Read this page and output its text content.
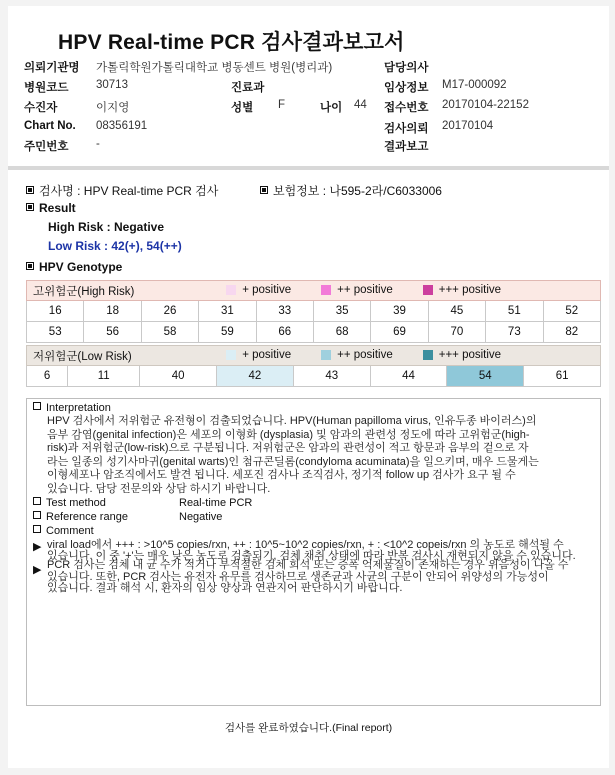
HPV Real-time PCR 검사결과보고서
의뢰기관명 가톨릭학원가톨릭대학교 병동센트 병원(병리과)	담당의사
병원코드 30713	진료과	임상정보 M17-000092
수진자	이지영	성별 F	나이 44 접수번호 20170104-22152
Chart No. 08356191	검사의뢰 20170104
주민번호 -	결과보고
검사명 : HPV Real-time PCR 검사	보험정보 : 나595-2라/C6033006
Result
High Risk : Negative
Low Risk : 42(+), 54(++)
HPV Genotype
고위험군(High Risk) + positive ++ positive +++ positive									

16	18	26	31	33	35	39	45	51	52
53	56	58	59	66	68	69	70	73	82
저위험군(Low Risk)	+ positive	++ positive	+++ positive

6	11	40	42	43	44	54	61
Interpretation
HPV 검사에서 저위험군 유전형이 검출되었습니다. HPV(Human papilloma virus, 인유두종 바이러스)의
음부 감염(genital infection)은 세포의 이형화 (dysplasia) 및 암과의 관련성 정도에 따라 고위험군(high-
risk)과 저위험군(low-risk)으로 구분됩니다. 저위험군은 암과의 관련성이 적고 항문과 음부의 겉으로 자
라는 일종의 성기사마귀(genital warts)인 첨규콘딜롬(condyloma acuminata)을 일으키며, 매우 드물게는
이형세포나 암조직에서도 발견 됩니다. 세포진 검사나 조직검사, 정기적 follow up 검사가 요구 될 수
있습니다. 담당 전문의와 상담 하시기 바랍니다.
Test method	Real-time PCR
Reference range	Negative
Comment
▶ viral load에서 +++ : >10^5 copies/rxn, ++ : 10^5~10^2 copies/rxn, + : <10^2 copeis/rxn 의 농도로 해석될 수
있습니다. 이 중 '+'는 매우 낮은 농도로 검출되기, 검체 채취 상태에 따라 반복 검사시 재현되지 않을 수 있습니다.
▶ PCR 검사는 검체 내 균 수가 적거나 부적절한 검체 희석 또는 증폭 억제물질이 존재하는 경우 위음성이 나올 수
있습니다. 또한, PCR 검사는 유전자 유무를 검사하므로 생존균과 사균의 구분이 안되어 위양성의 가능성이
있습니다. 결과 해석 시, 환자의 임상 양상과 연관지어 판단하시기 바랍니다.
검사를 완료하였습니다.(Final report)
